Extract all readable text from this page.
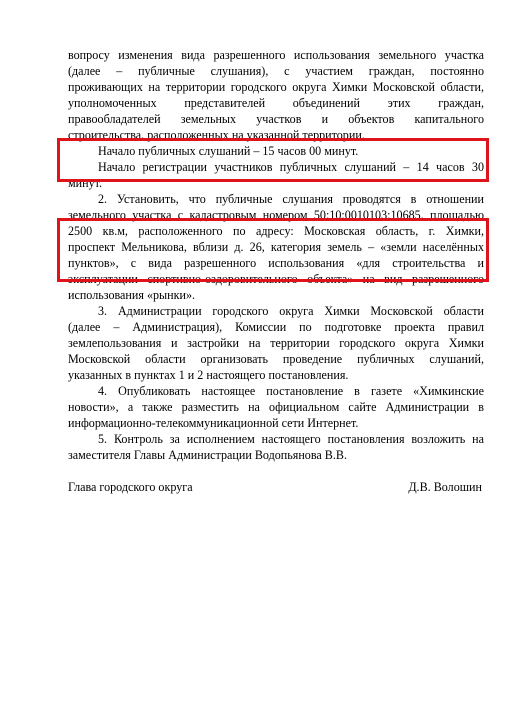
вопросу изменения вида разрешенного использования земельного участка
(далее – публичные слушания), с участием граждан, постоянно
проживающих на территории городского округа Химки Московской области,
уполномоченных представителей объединений этих граждан,
правообладателей земельных участков и объектов капитального
строительства, расположенных на указанной территории.
Начало публичных слушаний – 15 часов 00 минут.
Начало регистрации участников публичных слушаний – 14 часов 30
минут.
2. Установить, что публичные слушания проводятся в отношении
земельного участка с кадастровым номером 50:10:0010103:10685, площадью
2500 кв.м, расположенного по адресу: Московская область, г. Химки,
проспект Мельникова, вблизи д. 26, категория земель – «земли населённых
пунктов», с вида разрешенного использования «для строительства и
эксплуатации спортивно-оздоровительного объекта» на вид разрешенного
использования «рынки».
3. Администрации городского округа Химки Московской области
(далее – Администрация), Комиссии по подготовке проекта правил
землепользования и застройки на территории городского округа Химки
Московской области организовать проведение публичных слушаний,
указанных в пунктах 1 и 2 настоящего постановления.
4. Опубликовать настоящее постановление в газете «Химкинские
новости», а также разместить на официальном сайте Администрации в
информационно-телекоммуникационной сети Интернет.
5. Контроль за исполнением настоящего постановления возложить на
заместителя Главы Администрации Водопьянова В.В.
Глава городского округа	Д.В. Волошин
